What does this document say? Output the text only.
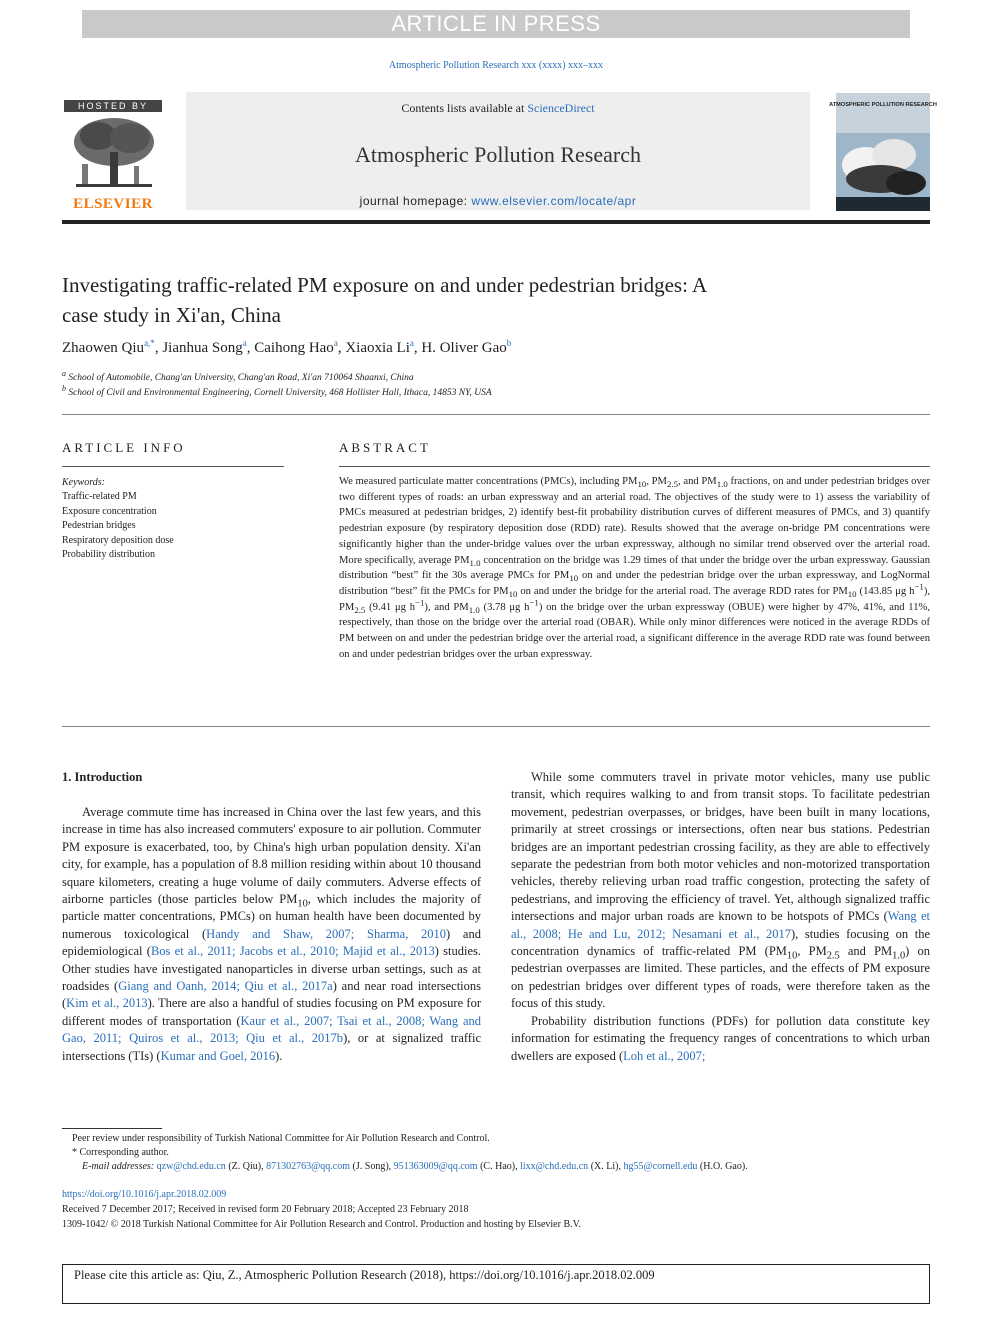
ARTICLE IN PRESS
Atmospheric Pollution Research xxx (xxxx) xxx–xxx
HOSTED BY
ELSEVIER
Contents lists available at ScienceDirect
Atmospheric Pollution Research
journal homepage: www.elsevier.com/locate/apr
ATMOSPHERIC POLLUTION RESEARCH
Investigating traffic-related PM exposure on and under pedestrian bridges: A
case study in Xi'an, China
Zhaowen Qiu$^{a,*}$, Jianhua Song$^a$, Caihong Hao$^a$, Xiaoxia Li$^a$, H. Oliver Gao$^b$
$^a$ School of Automobile, Chang'an University, Chang'an Road, Xi'an 710064 Shaanxi, China
$^b$ School of Civil and Environmental Engineering, Cornell University, 468 Hollister Hall, Ithaca, 14853 NY, USA
ARTICLE INFO	ABSTRACT
Keywords:
Traffic-related PM
Exposure concentration
Pedestrian bridges
Respiratory deposition dose
Probability distribution
We measured particulate matter concentrations (PMCs), including $PM_{10}$, $PM_{2.5}$, and $PM_{1.0}$ fractions, on and under pedestrian bridges over two different types of roads: an urban expressway and an arterial road. The objectives of the study were to 1) assess the variability of PMCs measured at pedestrian bridges, 2) identify best-fit probability distribution curves of different measures of PMCs, and 3) quantify pedestrian exposure (by respiratory deposition dose (RDD) rate). Results showed that the average on-bridge PM concentrations were significantly higher than the under-bridge values over the urban expressway, although no similar trend observed over the arterial road. More specifically, average $PM_{1.0}$ concentration on the bridge was 1.29 times of that under the bridge over the urban expressway. Gaussian distribution “best” fit the 30s average PMCs for $PM_{10}$ on and under the pedestrian bridge over the urban expressway, and LogNormal distribution “best” fit the PMCs for $PM_{10}$ on and under the bridge for the arterial road. The average RDD rates for $PM_{10}$ (143.85 μg $h^{-1}$), $PM_{2.5}$ (9.41 μg $h^{-1}$), and $PM_{1.0}$ (3.78 μg $h^{-1}$) on the bridge over the urban expressway (OBUE) were higher by 47%, 41%, and 11%, respectively, than those on the bridge over the arterial road (OBAR). While only minor differences were noticed in the average RDDs of PM between on and under the pedestrian bridge over the arterial road, a significant difference in the average RDD rate was found between on and under pedestrian bridges over the urban expressway.
1. Introduction

Average commute time has increased in China over the last few years, and this increase in time has also increased commuters' exposure to air pollution. Commuter PM exposure is exacerbated, too, by China's high urban population density. Xi'an city, for example, has a population of 8.8 million residing within about 10 thousand square kilometers, creating a huge volume of daily commuters. Adverse effects of airborne particles (those particles below $PM_{10}$, which includes the majority of particle matter concentrations, PMCs) on human health have been documented by numerous toxicological (Handy and Shaw, 2007; Sharma, 2010) and epidemiological (Bos et al., 2011; Jacobs et al., 2010; Majid et al., 2013) studies. Other studies have investigated nanoparticles in diverse urban settings, such as at roadsides (Giang and Oanh, 2014; Qiu et al., 2017a) and near road intersections (Kim et al., 2013). There are also a handful of studies focusing on PM exposure for different modes of transportation (Kaur et al., 2007; Tsai et al., 2008; Wang and Gao, 2011; Quiros et al., 2013; Qiu et al., 2017b), or at signalized traffic intersections (TIs) (Kumar and Goel, 2016).

While some commuters travel in private motor vehicles, many use public transit, which requires walking to and from transit stops. To facilitate pedestrian movement, pedestrian overpasses, or bridges, have been built in many locations, primarily at street crossings or intersections, often near bus stations. Pedestrian bridges are an important pedestrian crossing facility, as they are able to effectively separate the pedestrian from both motor vehicles and non-motorized transportation vehicles, thereby relieving urban road traffic congestion, protecting the safety of pedestrians, and improving the efficiency of travel. Yet, although signalized traffic intersections and major urban roads are known to be hotspots of PMCs (Wang et al., 2008; He and Lu, 2012; Nesamani et al., 2017), studies focusing on the concentration dynamics of traffic-related PM ($PM_{10}$, $PM_{2.5}$ and $PM_{1.0}$) on pedestrian overpasses are limited. These particles, and the effects of PM exposure on pedestrian bridges over different types of roads, were therefore taken as the focus of this study.

Probability distribution functions (PDFs) for pollution data constitute key information for estimating the frequency ranges of concentrations to which urban dwellers are exposed (Loh et al., 2007;

Peer review under responsibility of Turkish National Committee for Air Pollution Research and Control.
* Corresponding author.
E-mail addresses: qzw@chd.edu.cn (Z. Qiu), 871302763@qq.com (J. Song), 951363009@qq.com (C. Hao), lixx@chd.edu.cn (X. Li), hg55@cornell.edu (H.O. Gao).
https://doi.org/10.1016/j.apr.2018.02.009
Received 7 December 2017; Received in revised form 20 February 2018; Accepted 23 February 2018
1309-1042/ © 2018 Turkish National Committee for Air Pollution Research and Control. Production and hosting by Elsevier B.V.
Please cite this article as: Qiu, Z., Atmospheric Pollution Research (2018), https://doi.org/10.1016/j.apr.2018.02.009
